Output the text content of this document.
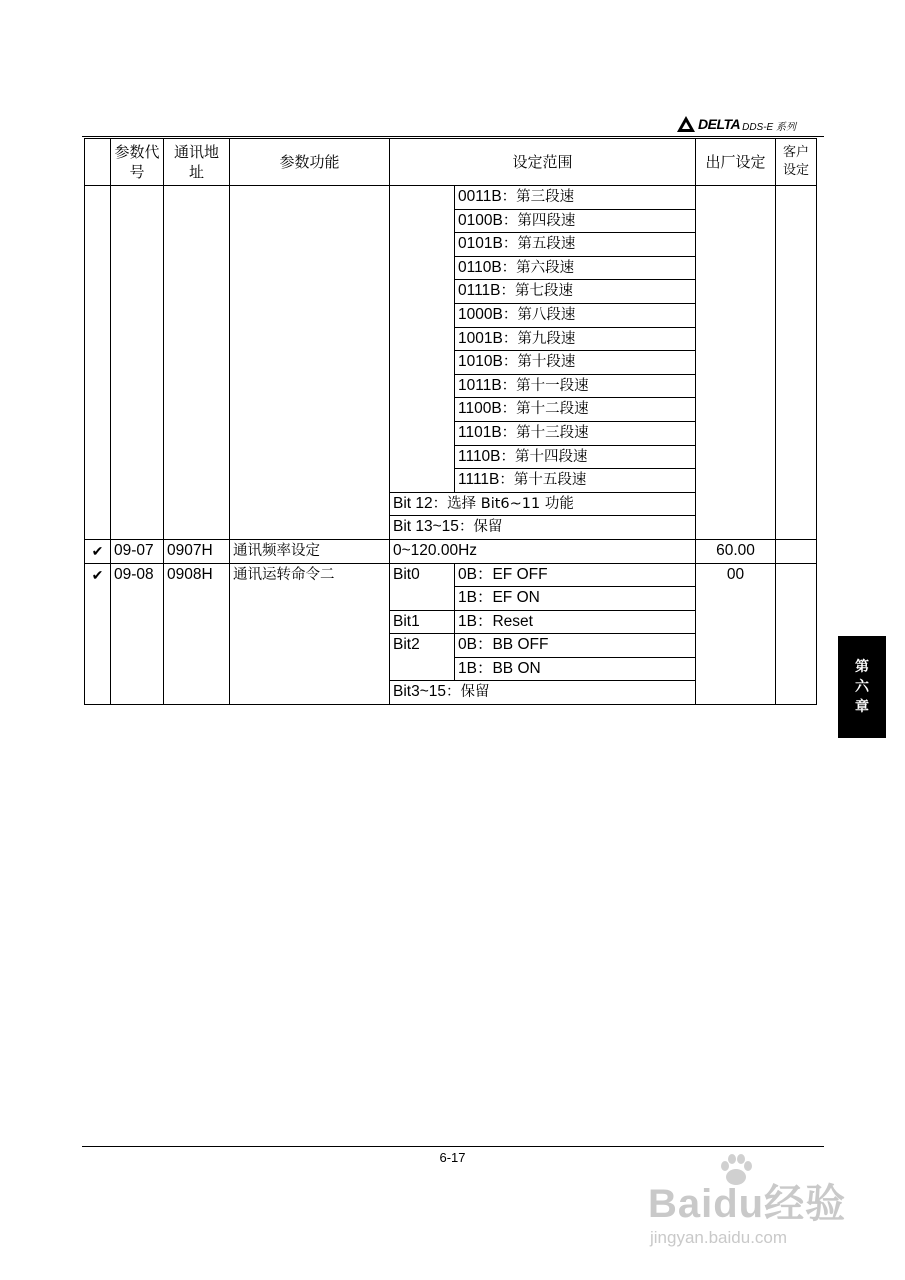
DELTA DDS-E 系列
	参数代号	通讯地址	参数功能	设定范围		出厂设定	客户设定
					0011B：第三段速		
					0100B：第四段速		
					0101B：第五段速		
					0110B：第六段速		
					0111B：第七段速		
					1000B：第八段速		
					1001B：第九段速		
					1010B：第十段速		
					1011B：第十一段速		
					1100B：第十二段速		
					1101B：第十三段速		
					1110B：第十四段速		
					1111B：第十五段速		
				Bit 12：选择 Bit6~11 功能			
				Bit 13~15：保留			
✔	09-07	0907H	通讯频率设定	0~120.00Hz		60.00	
✔	09-08	0908H	通讯运转命令二	Bit0	0B：EF OFF	00	
					1B：EF ON		
				Bit1	1B：Reset		
				Bit2	0B：BB OFF		
					1B：BB ON		
				Bit3~15：保留			
第
六
章
6-17
Baidu经验
jingyan.baidu.com
